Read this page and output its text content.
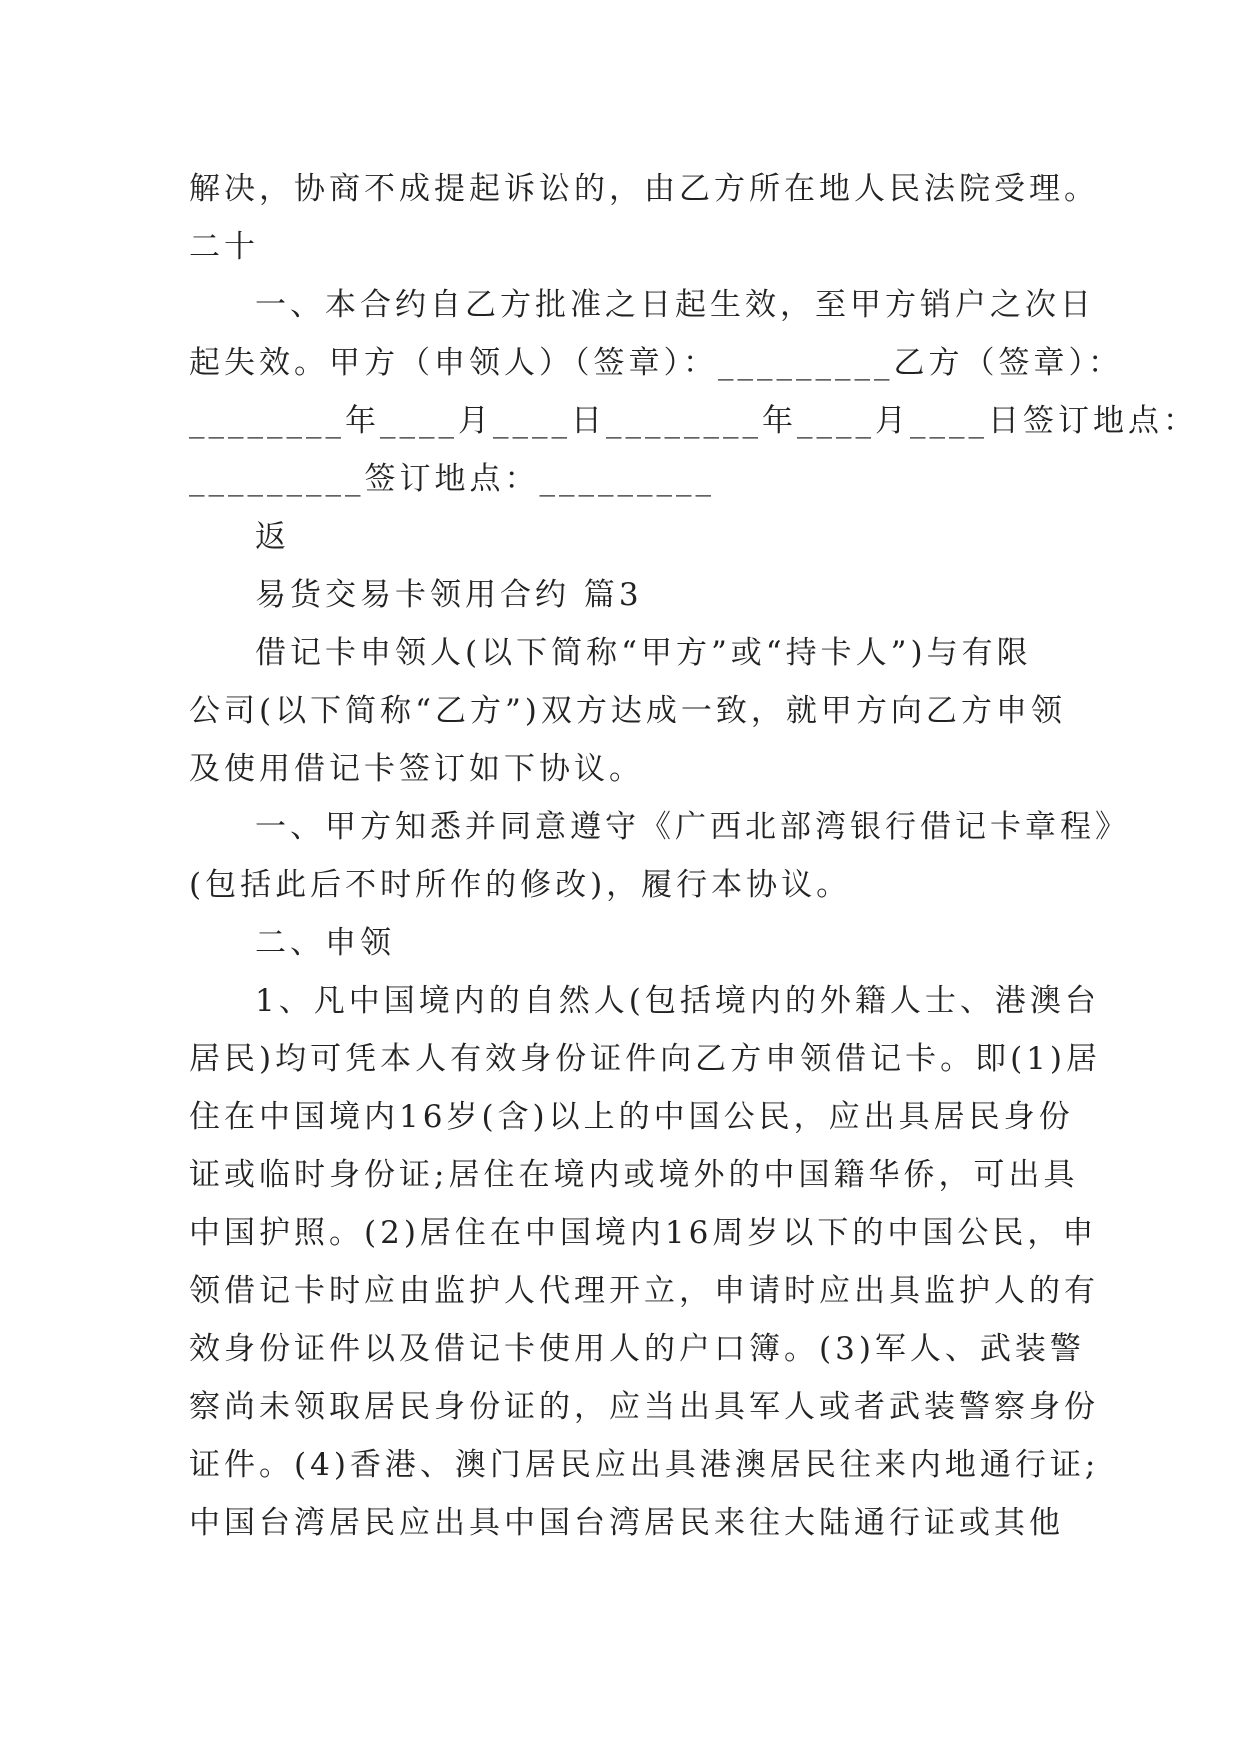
解决，协商不成提起诉讼的，由乙方所在地人民法院受理。
二十
一、本合约自乙方批准之日起生效，至甲方销户之次日
起失效。甲方（申领人）（签章）：_________乙方（签章）：
________年____月____日________年____月____日签订地点：
_________签订地点：_________
返
易货交易卡领用合约 篇3
借记卡申领人(以下简称“甲方”或“持卡人”)与有限
公司(以下简称“乙方”)双方达成一致，就甲方向乙方申领
及使用借记卡签订如下协议。
一、甲方知悉并同意遵守《广西北部湾银行借记卡章程》
(包括此后不时所作的修改)，履行本协议。
二、申领
1、凡中国境内的自然人(包括境内的外籍人士、港澳台
居民)均可凭本人有效身份证件向乙方申领借记卡。即(1)居
住在中国境内16岁(含)以上的中国公民，应出具居民身份
证或临时身份证;居住在境内或境外的中国籍华侨，可出具
中国护照。(2)居住在中国境内16周岁以下的中国公民，申
领借记卡时应由监护人代理开立，申请时应出具监护人的有
效身份证件以及借记卡使用人的户口簿。(3)军人、武装警
察尚未领取居民身份证的，应当出具军人或者武装警察身份
证件。(4)香港、澳门居民应出具港澳居民往来内地通行证;
中国台湾居民应出具中国台湾居民来往大陆通行证或其他
